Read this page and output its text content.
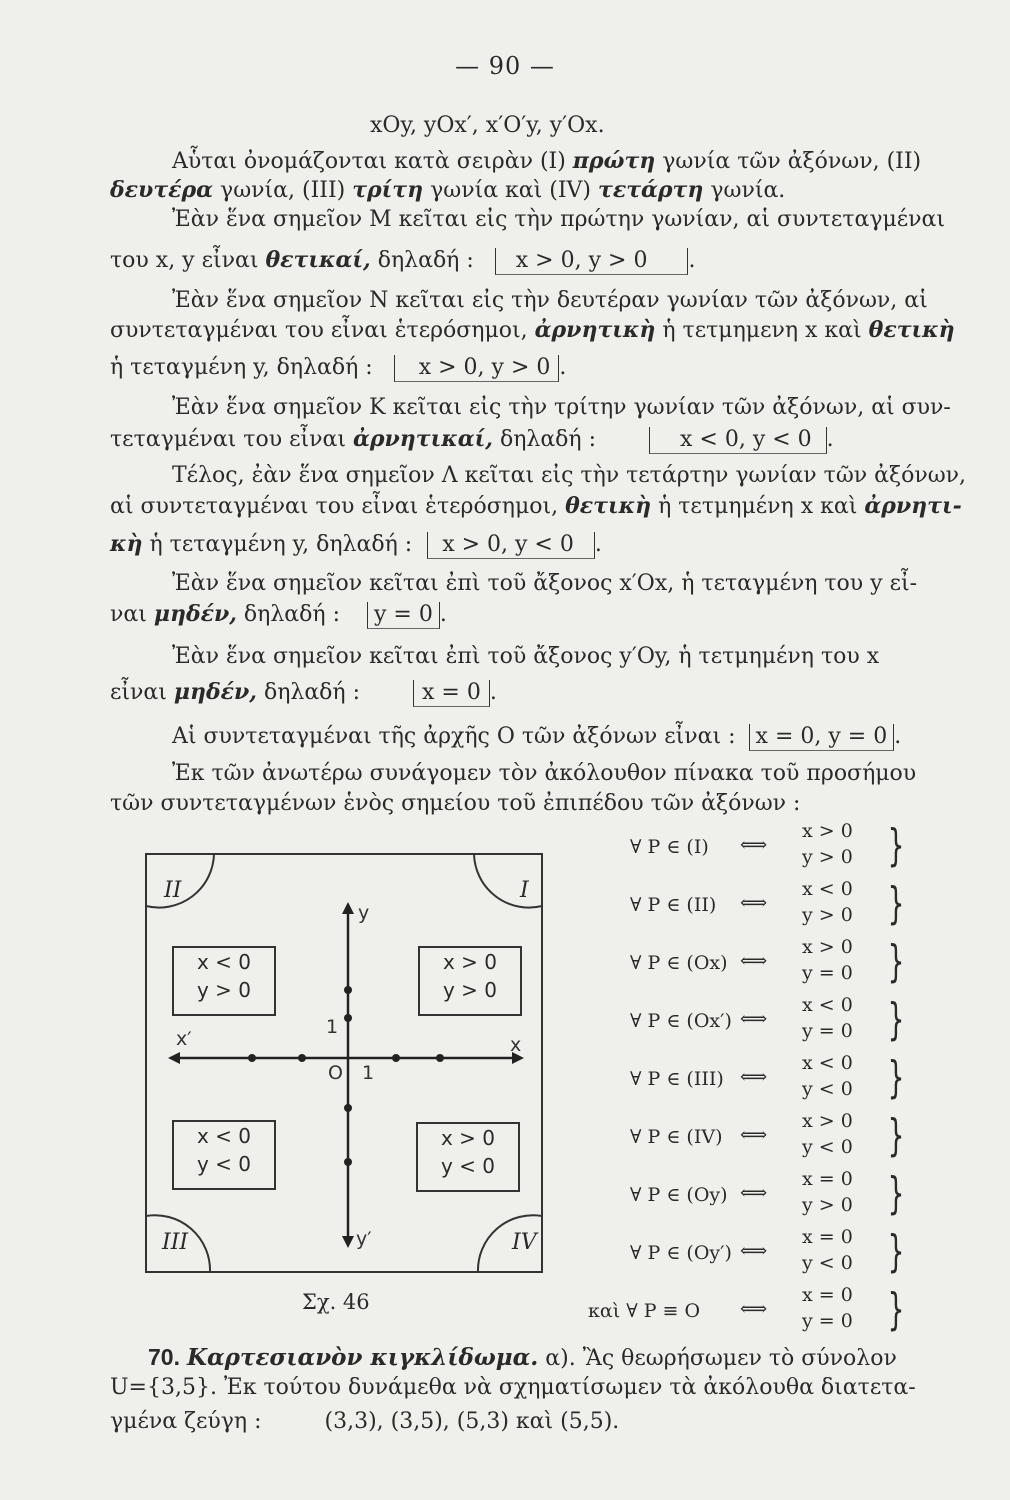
— 90 —
xOy, yOx′, x′O′y, y′Ox.
Αὗται ὀνομάζονται κατὰ σειρὰν (I) πρώτη γωνία τῶν ἀξόνων, (II)
δευτέρα γωνία, (III) τρίτη γωνία καὶ (IV) τετάρτη γωνία.
Ἐὰν ἕνα σημεῖον Μ κεῖται εἰς τὴν πρώτην γωνίαν, αἱ συντεταγμέναι
του x, y εἶναι θετικαί, δηλαδή : x > 0, y > 0 .
Ἐὰν ἕνα σημεῖον Ν κεῖται εἰς τὴν δευτέραν γωνίαν τῶν ἀξόνων, αἱ
συντεταγμέναι του εἶναι ἑτερόσημοι, ἀρνητικὴ ἡ τετμημενη x καὶ θετικὴ
ἡ τεταγμένη y, δηλαδή : x > 0, y > 0 .
Ἐὰν ἕνα σημεῖον Κ κεῖται εἰς τὴν τρίτην γωνίαν τῶν ἀξόνων, αἱ συν-
τεταγμέναι του εἶναι ἀρνητικαί, δηλαδή :	x < 0, y < 0 .
Τέλος, ἐὰν ἕνα σημεῖον Λ κεῖται εἰς τὴν τετάρτην γωνίαν τῶν ἀξόνων,
αἱ συντεταγμέναι του εἶναι ἑτερόσημοι, θετικὴ ἡ τετμημένη x καὶ ἀρνητι-
κὴ ἡ τεταγμένη y, δηλαδή : x > 0, y < 0 .
Ἐὰν ἕνα σημεῖον κεῖται ἐπὶ τοῦ ἄξονος x′Ox, ἡ τεταγμένη του y εἶ-
ναι μηδέν, δηλαδή : y = 0 .
Ἐὰν ἕνα σημεῖον κεῖται ἐπὶ τοῦ ἄξονος y′Oy, ἡ τετμημένη του x
εἶναι μηδέν, δηλαδή :	x = 0 .
Αἱ συντεταγμέναι τῆς ἀρχῆς Ο τῶν ἀξόνων εἶναι : x = 0, y = 0 .
Ἐκ τῶν ἀνωτέρω συνάγομεν τὸν ἀκόλουθον πίνακα τοῦ προσήμου
τῶν συντεταγμένων ἑνὸς σημείου τοῦ ἐπιπέδου τῶν ἀξόνων :
II	I
III	IV
x < 0
y > 0
x > 0
y > 0
x < 0
y < 0
x > 0
y < 0
y
y′
x
x′
O 1
1
Σχ. 46
∀ P ∈ (I) ⟺
x > 0
y > 0 }
∀ P ∈ (II) ⟺
x < 0
y > 0 }
∀ P ∈ (Ox) ⟺
x > 0
y = 0 }
∀ P ∈ (Ox′) ⟺
x < 0
y = 0 }
∀ P ∈ (III) ⟺
x < 0
y < 0 }
∀ P ∈ (IV) ⟺
x > 0
y < 0 }
∀ P ∈ (Oy) ⟺
x = 0
y > 0 }
∀ P ∈ (Oy′) ⟺
x = 0
y < 0 }
καὶ ∀ P ≡ O ⟺
x = 0
y = 0 }
70. Καρτεσιανὸν κιγκλίδωμα. α). Ἂς θεωρήσωμεν τὸ σύνολον
U={3,5}. Ἐκ τούτου δυνάμεθα νὰ σχηματίσωμεν τὰ ἀκόλουθα διατετα-
γμένα ζεύγη :	(3,3), (3,5), (5,3) καὶ (5,5).
